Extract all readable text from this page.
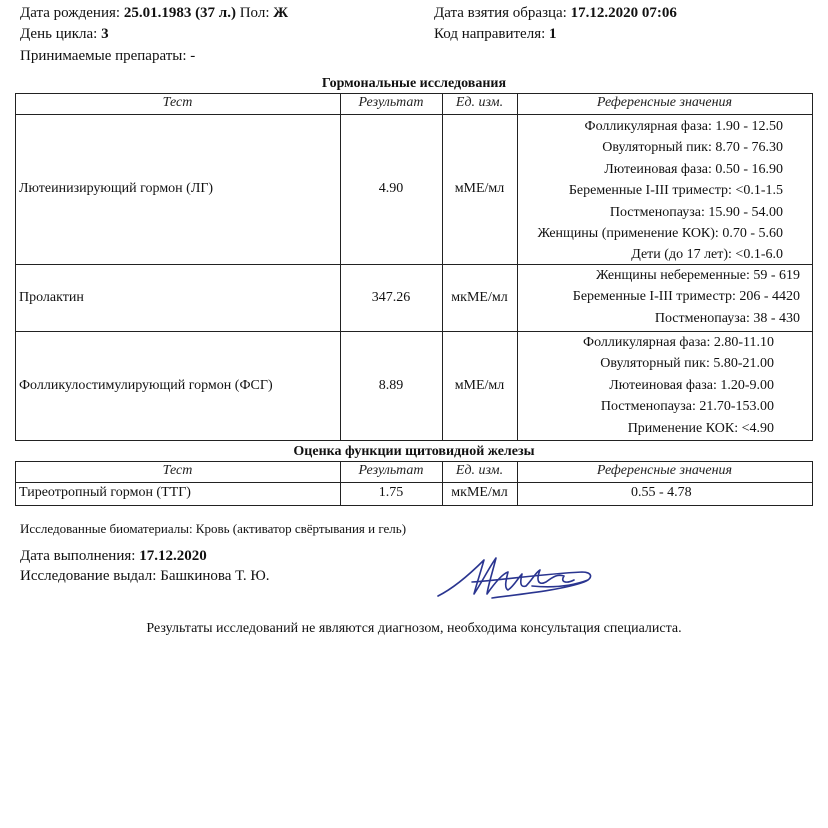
Дата рождения: 25.01.1983 (37 л.) Пол: Ж
День цикла: 3
Принимаемые препараты: -
Дата взятия образца: 17.12.2020 07:06
Код направителя: 1
Гормональные исследования
Тест	Результат	Ед. изм.	Референсные значения
Лютеинизирующий гормон (ЛГ)	4.90	мМЕ/мл
Фолликулярная фаза: 1.90 - 12.50
Овуляторный пик: 8.70 - 76.30
Лютеиновая фаза: 0.50 - 16.90
Беременные I-III триместр: <0.1-1.5
Постменопауза: 15.90 - 54.00
Женщины (применение КОК): 0.70 - 5.60
Дети (до 17 лет): <0.1-6.0
Пролактин	347.26	мкМЕ/мл
Женщины небеременные: 59 - 619
Беременные I-III триместр: 206 - 4420
Постменопауза: 38 - 430
Фолликулостимулирующий гормон (ФСГ)	8.89	мМЕ/мл
Фолликулярная фаза: 2.80-11.10
Овуляторный пик: 5.80-21.00
Лютеиновая фаза: 1.20-9.00
Постменопауза: 21.70-153.00
Применение КОК: <4.90
Оценка функции щитовидной железы
Тест	Результат	Ед. изм.	Референсные значения
Тиреотропный гормон (ТТГ)	1.75	мкМЕ/мл	0.55 - 4.78
Исследованные биоматериалы: Кровь (активатор свёртывания и гель)
Дата выполнения: 17.12.2020
Исследование выдал: Башкинова Т. Ю.
Результаты исследований не являются диагнозом, необходима консультация специалиста.
